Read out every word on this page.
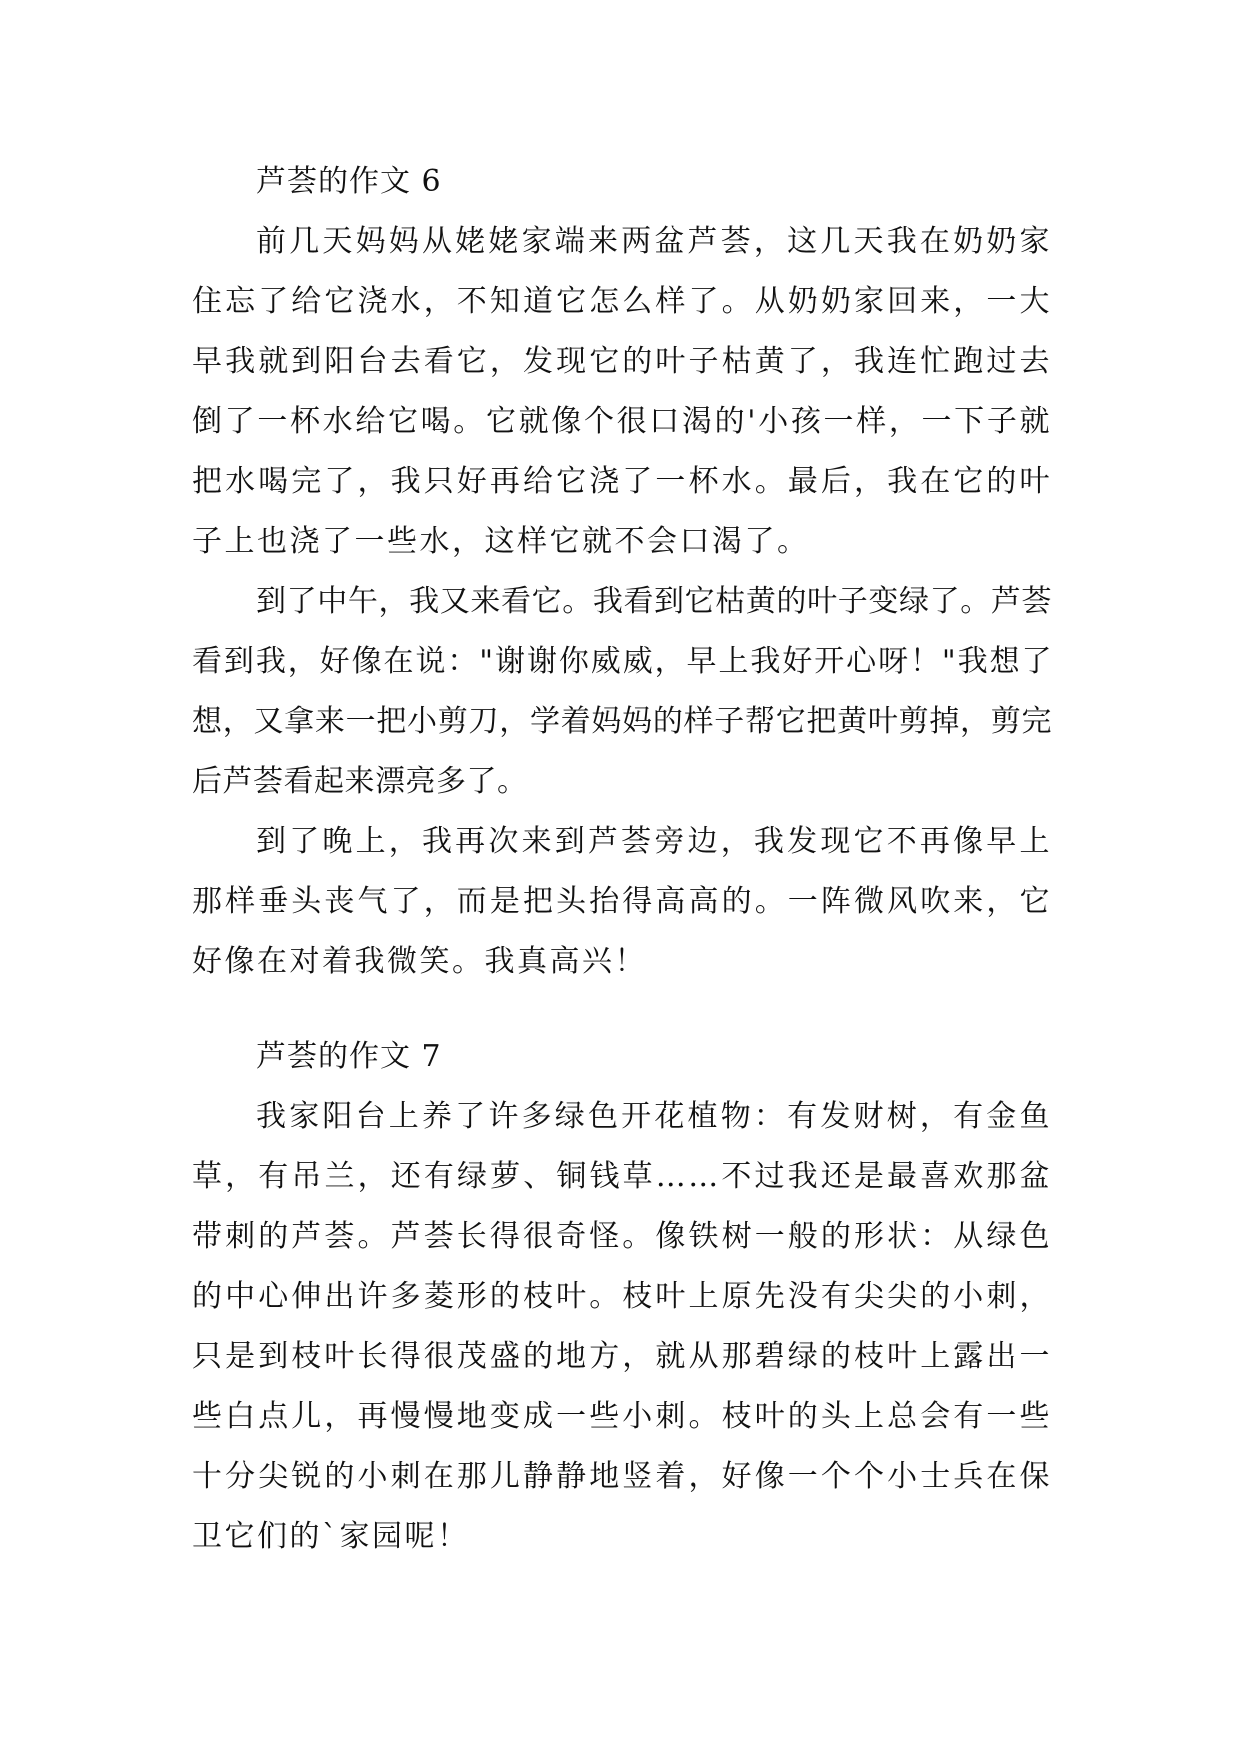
芦荟的作文 6

前几天妈妈从姥姥家端来两盆芦荟，这几天我在奶奶家住忘了给它浇水，不知道它怎么样了。从奶奶家回来，一大早我就到阳台去看它，发现它的叶子枯黄了，我连忙跑过去倒了一杯水给它喝。它就像个很口渴的'小孩一样，一下子就把水喝完了，我只好再给它浇了一杯水。最后，我在它的叶子上也浇了一些水，这样它就不会口渴了。

到了中午，我又来看它。我看到它枯黄的叶子变绿了。芦荟看到我，好像在说："谢谢你威威，早上我好开心呀！"我想了想，又拿来一把小剪刀，学着妈妈的样子帮它把黄叶剪掉，剪完后芦荟看起来漂亮多了。

到了晚上，我再次来到芦荟旁边，我发现它不再像早上那样垂头丧气了，而是把头抬得高高的。一阵微风吹来，它好像在对着我微笑。我真高兴！

芦荟的作文 7

我家阳台上养了许多绿色开花植物：有发财树，有金鱼草，有吊兰，还有绿萝、铜钱草……不过我还是最喜欢那盆带刺的芦荟。芦荟长得很奇怪。像铁树一般的形状：从绿色的中心伸出许多菱形的枝叶。枝叶上原先没有尖尖的小刺，只是到枝叶长得很茂盛的地方，就从那碧绿的枝叶上露出一些白点儿，再慢慢地变成一些小刺。枝叶的头上总会有一些十分尖锐的小刺在那儿静静地竖着，好像一个个小士兵在保卫它们的`家园呢！
